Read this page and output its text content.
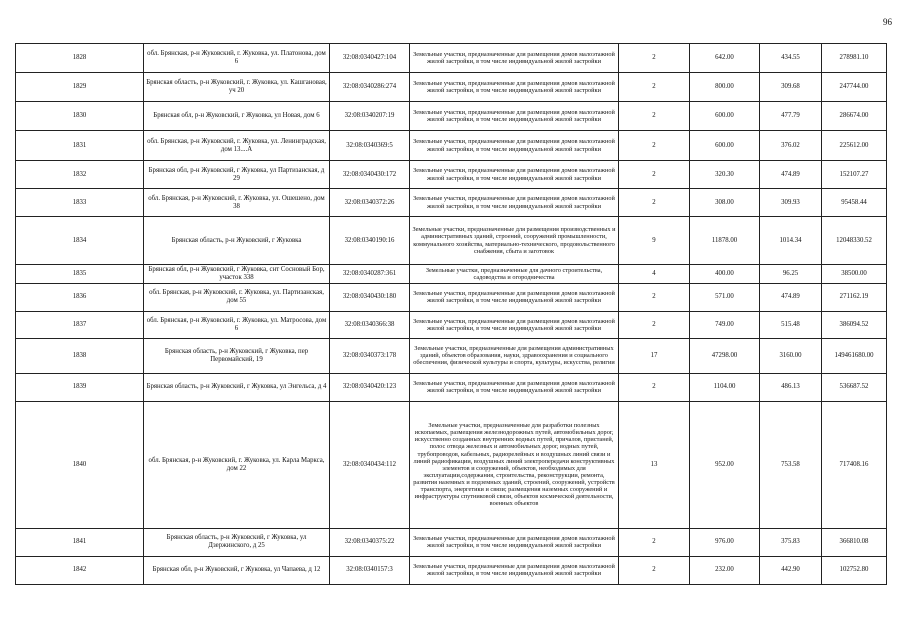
96
1828	обл. Брянская, р-н Жуковский, г. Жуковка, ул. Платонова, дом 6	32:08:0340427:104	Земельные участки, предназначенные для размещения домов малоэтажной жилой застройки, в том числе индивидуальной жилой застройки	2	642.00	434.55	278981.10
1829	Брянская область, р-н Жуковский, г. Жуковка, ул. Кашгановая, уч 20	32:08:0340286:274	Земельные участки, предназначенные для размещения домов малоэтажной жилой застройки, в том числе индивидуальной жилой застройки	2	800.00	309.68	247744.00
1830	Брянская обл, р-н Жуковский, г Жуковка, ул Новая, дом 6	32:08:0340207:19	Земельные участки, предназначенные для размещения домов малоэтажной жилой застройки, в том числе индивидуальной жилой застройки	2	600.00	477.79	286674.00
1831	обл. Брянская, р-н Жуковский, г. Жуковка, ул. Ленинградская, дом 13....А	32:08:0340369:5	Земельные участки, предназначенные для размещения домов малоэтажной жилой застройки, в том числе индивидуальной жилой застройки	2	600.00	376.02	225612.00
1832	Брянская обл, р-н Жуковский, г Жуковка, ул Партизанская, д 29	32:08:0340430:172	Земельные участки, предназначенные для размещения домов малоэтажной жилой застройки, в том числе индивидуальной жилой застройки	2	320.30	474.89	152107.27
1833	обл. Брянская, р-н Жуковский, г. Жуковка, ул. Ошешено, дом 38	32:08:0340372:26	Земельные участки, предназначенные для размещения домов малоэтажной жилой застройки, в том числе индивидуальной жилой застройки	2	308.00	309.93	95458.44
1834	Брянская область, р-н Жуковский, г Жуковка	32:08:0340190:16	Земельные участки, предназначенные для размещения производственных и административных зданий, строений, сооружений промышленности, коммунального хозяйства, материально-технического, продовольственного снабжения, сбыта и заготовок	9	11878.00	1014.34	12048330.52
1835	Брянская обл, р-н Жуковский, г Жуковка, снт Сосновый Бор, участок 338	32:08:0340287:361	Земельные участки, предназначенные для дачного строительства, садоводства и огородничества	4	400.00	96.25	38500.00
1836	обл. Брянская, р-н Жуковский, г. Жуковка, ул. Партизанская, дом 55	32:08:0340430:180	Земельные участки, предназначенные для размещения домов малоэтажной жилой застройки, в том числе индивидуальной жилой застройки	2	571.00	474.89	271162.19
1837	обл. Брянская, р-н Жуковский, г. Жуковка, ул. Матросова, дом 6	32:08:0340366:38	Земельные участки, предназначенные для размещения домов малоэтажной жилой застройки, в том числе индивидуальной жилой застройки	2	749.00	515.48	386094.52
1838	Брянская область, р-н Жуковский, г Жуковка, пер Первомайский, 19	32:08:0340373:178	Земельные участки, предназначенные для размещения административных зданий, объектов образования, науки, здравоохранения и социального обеспечения, физической культуры и спорта, культуры, искусства, религии	17	47298.00	3160.00	149461680.00
1839	Брянская область, р-н Жуковский, г Жуковка, ул Энгельса, д 4	32:08:0340420:123	Земельные участки, предназначенные для размещения домов малоэтажной жилой застройки, в том числе индивидуальной жилой застройки	2	1104.00	486.13	536687.52
1840	обл. Брянская, р-н Жуковский, г. Жуковка, ул. Карла Маркса, дом 22	32:08:0340434:112	Земельные участки, предназначенные для разработки полезных ископаемых, размещения железнодорожных путей, автомобильных дорог, искусственно созданных внутренних водных путей, причалов, пристаней, полос отвода железных и автомобильных дорог, водных путей, трубопроводов, кабельных, радиорелейных и воздушных линий связи и линий радиофикации, воздушных линий электропередачи конструктивных элементов и сооружений, объектов, необходимых для эксплуатации,содержания, строительства, реконструкции, ремонта, развития наземных и подземных зданий, строений, сооружений, устройств транспорта, энергетики и связи; размещения наземных сооружений и инфраструктуры спутниковой связи, объектов космической деятельности, военных объектов	13	952.00	753.58	717408.16
1841	Брянская область, р-н Жуковский, г Жуковка, ул Дзержинского, д 25	32:08:0340375:22	Земельные участки, предназначенные для размещения домов малоэтажной жилой застройки, в том числе индивидуальной жилой застройки	2	976.00	375.83	366810.08
1842	Брянская обл, р-н Жуковский, г Жуковка, ул Чапаева, д 12	32:08:0340157:3	Земельные участки, предназначенные для размещения домов малоэтажной жилой застройки, в том числе индивидуальной жилой застройки	2	232.00	442.90	102752.80
